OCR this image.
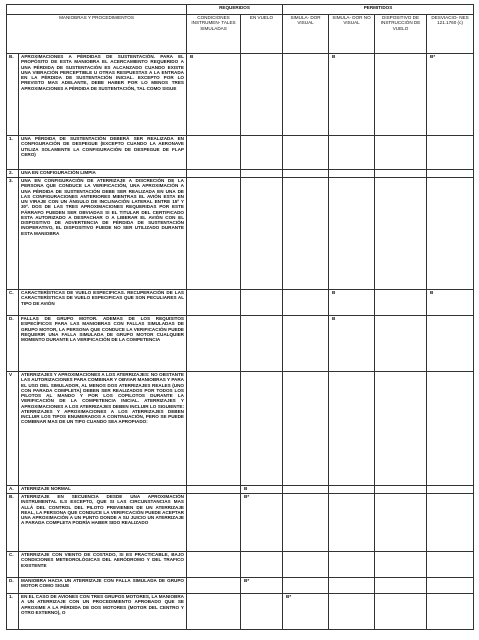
		REQUERIDOS		PERMITIDOS			
MANIOBRAS Y PROCEDIMIENTOS		CONDICIONES INSTRUMEN- TALES SIMULADAS	EN VUELO	SIMULA- DOR VISUAL	SIMULA- DOR NO VISUAL	DISPOSITIVO DE INSTRUCCIÓN DE VUELO	DESVIACIO- NES 121.1760 (c)
B.	APROXIMACIONES A PÉRDIDAS DE SUSTENTACIÓN. PARA EL PROPÓSITO DE ESTA MANIOBRA EL ACERCAMIENTO REQUERIDO A UNA PÉRDIDA DE SUSTENTACIÓN ES ALCANZADO CUANDO EXISTE UNA VIBRACIÓN PERCEPTIBLE U OTRAS RESPUESTAS A LA ENTRADA EN LA PÉRDIDA DE SUSTENTACIÓN INICIAL. EXCEPTO POR LO PREVISTO MAS ADELANTE, DEBE HABER POR LO MENOS TRES APROXIMACIONES A PÉRDIDA DE SUSTENTACIÓN, TAL COMO SIGUE	B			B		B*
1.	UNA PÉRDIDA DE SUSTENTACIÓN DEBERÁ SER REALIZADA EN CONFIGURACIÓN DE DESPEGUE (EXCEPTO CUANDO LA AERONAVE UTILIZA SOLAMENTE LA CONFIGURACIÓN DE DESPEGUE DE FLAP CERO)						
2.	UNA EN CONFIGURACIÓN LIMPIA						
3.	UNA EN CONFIGURACIÓN DE ATERRIZAJE A DISCRECIÓN DE LA PERSONA QUE CONDUCE LA VERIFICACIÓN, UNA APROXIMACIÓN A UNA PÉRDIDA DE SUSTENTACIÓN DEBE SER REALIZADA EN UNA DE LAS CONFIGURACIONES ANTERIORES MIENTRAS EL AVIÓN ESTA EN UN VIRAJE CON UN ÁNGULO DE INCLINACIÓN LATERAL ENTRE 15º Y 30º. DOS DE LAS TRES APROXIMACIONES REQUERIDAS POR ESTE PÁRRAFO PUEDEN SER OBVIADAS SI EL TITULAR DEL CERTIFICADO ESTA AUTORIZADO A DESPACHAR O A LIBERAR EL AVIÓN CON EL DISPOSITIVO DE ADVERTENCIA DE PÉRDIDA DE SUSTENTACIÓN INOPERATIVO, EL DISPOSITIVO PUEDE NO SER UTILIZADO DURANTE ESTA MANIOBRA						
C.	CARACTERÍSTICAS DE VUELO ESPECIFICAS. RECUPERACIÓN DE LAS CARACTERÍSTICAS DE VUELO ESPECIFICAS QUE SON PECULIARES AL TIPO DE AVIÓN				B		B
D.	FALLAS DE GRUPO MOTOR. ADEMAS DE LOS REQUISITOS ESPECÍFICOS PARA LAS MANIOBRAS CON FALLAS SIMULADAS DE GRUPO MOTOR, LA PERSONA QUE CONDUCE LA VERIFICACIÓN PUEDE REQUERIR UNA FALLA SIMULADA DE GRUPO MOTOR CUALQUIER MOMENTO DURANTE LA VERIFICACIÓN DE LA COMPETENCIA				B		
V	ATERRIZAJES Y APROXIMACIONES A LOS ATERRIZAJES: NO OBSTANTE LAS AUTORIZACIONES PARA COMBINAR Y OBVIAR MANIOBRAS Y PARA EL USO DEL SIMULADOR, AL MENOS DOS ATERRIZAJES REALES (UNO CON PARADA COMPLETA) DEBEN SER REALIZADOS POR TODOS LOS PILOTOS AL MANDO Y POR LOS COPILOTOS DURANTE LA VERIFICACIÓN DE LA COMPETENCIA INICIAL. ATERRIZAJES Y APROXIMACIONES A LOS ATERRIZAJES DEBEN INCLUIR LO SIGUIENTE: ATERRIZAJES Y APROXIMACIONES A LOS ATERRIZAJES DEBEN INCLUIR LOS TIPOS ENUMERADOS A CONTINUACIÓN, PERO SE PUEDE COMBINAR MAS DE UN TIPO CUANDO SEA APROPIADO:						
A.	ATERRIZAJE NORMAL		B				
B.	ATERRIZAJE EN SECUENCIA DESDE UNA APROXIMACIÓN INSTRUMENTAL ILS EXCEPTO, QUE SI LAS CIRCUNSTANCIAS MAS ALLÁ DEL CONTROL DEL PILOTO PREVIENEN DE UN ATERRIZAJE REAL, LA PERSONA QUE CONDUCE LA VERIFICACIÓN PUEDE ACEPTAR UNA APROXIMACIÓN A UN PUNTO DONDE A SU JUICIO UN ATERRIZAJE A PARADA COMPLETA PODRÍA HABER SIDO REALIZADO		B*				
C.	ATERRIZAJE CON VIENTO DE COSTADO, SI ES PRACTICABLE, BAJO CONDICIONES METEOROLÓGICAS DEL AERÓDROMO Y DEL TRAFICO EXISTENTE						
D.	MANIOBRA HACIA UN ATERRIZAJE CON FALLA SIMULADA DE GRUPO MOTOR COMO SIGUE		B*				
1.	EN EL CASO DE AVIONES CON TRES GRUPOS MOTORES, LA MANIOBRA A UN ATERRIZAJE CON UN PROCEDIMIENTO APROBADO QUE SE APROXIME A LA PÉRDIDA DE DOS MOTORES (MOTOR DEL CENTRO Y OTRO EXTERNO), O			B*			
